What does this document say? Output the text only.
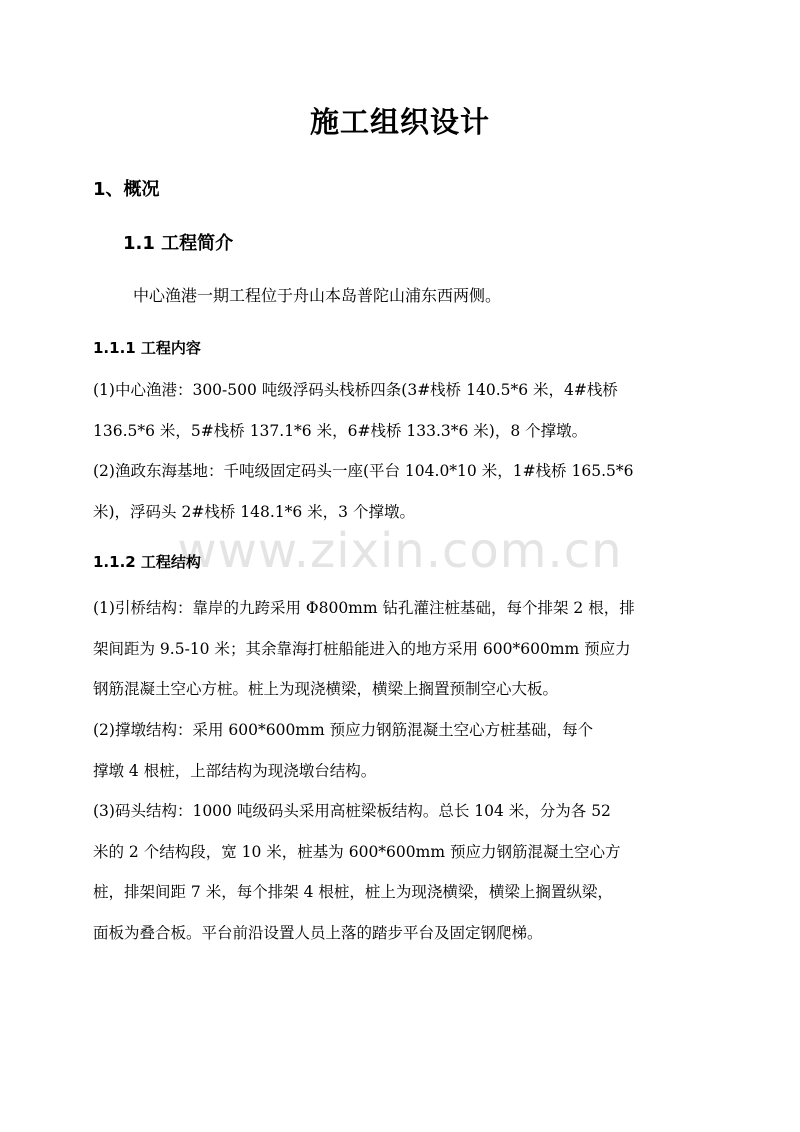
www.zixin.com.cn
施工组织设计
1、概况
1.1 工程简介
中心渔港一期工程位于舟山本岛普陀山浦东西两侧。
1.1.1 工程内容
(1)中心渔港：300-500 吨级浮码头栈桥四条(3#栈桥 140.5*6 米，4#栈桥
136.5*6 米，5#栈桥 137.1*6 米，6#栈桥 133.3*6 米)，8 个撑墩。
(2)渔政东海基地：千吨级固定码头一座(平台 104.0*10 米，1#栈桥 165.5*6
米)，浮码头 2#栈桥 148.1*6 米，3 个撑墩。
1.1.2 工程结构
(1)引桥结构：靠岸的九跨采用 Φ800mm 钻孔灌注桩基础，每个排架 2 根，排
架间距为 9.5-10 米；其余靠海打桩船能进入的地方采用 600*600mm 预应力
钢筋混凝土空心方桩。桩上为现浇横梁，横梁上搁置预制空心大板。
(2)撑墩结构：采用 600*600mm 预应力钢筋混凝土空心方桩基础，每个
撑墩 4 根桩，上部结构为现浇墩台结构。
(3)码头结构：1000 吨级码头采用高桩梁板结构。总长 104 米，分为各 52
米的 2 个结构段，宽 10 米，桩基为 600*600mm 预应力钢筋混凝土空心方
桩，排架间距 7 米，每个排架 4 根桩，桩上为现浇横梁，横梁上搁置纵梁，
面板为叠合板。平台前沿设置人员上落的踏步平台及固定钢爬梯。
